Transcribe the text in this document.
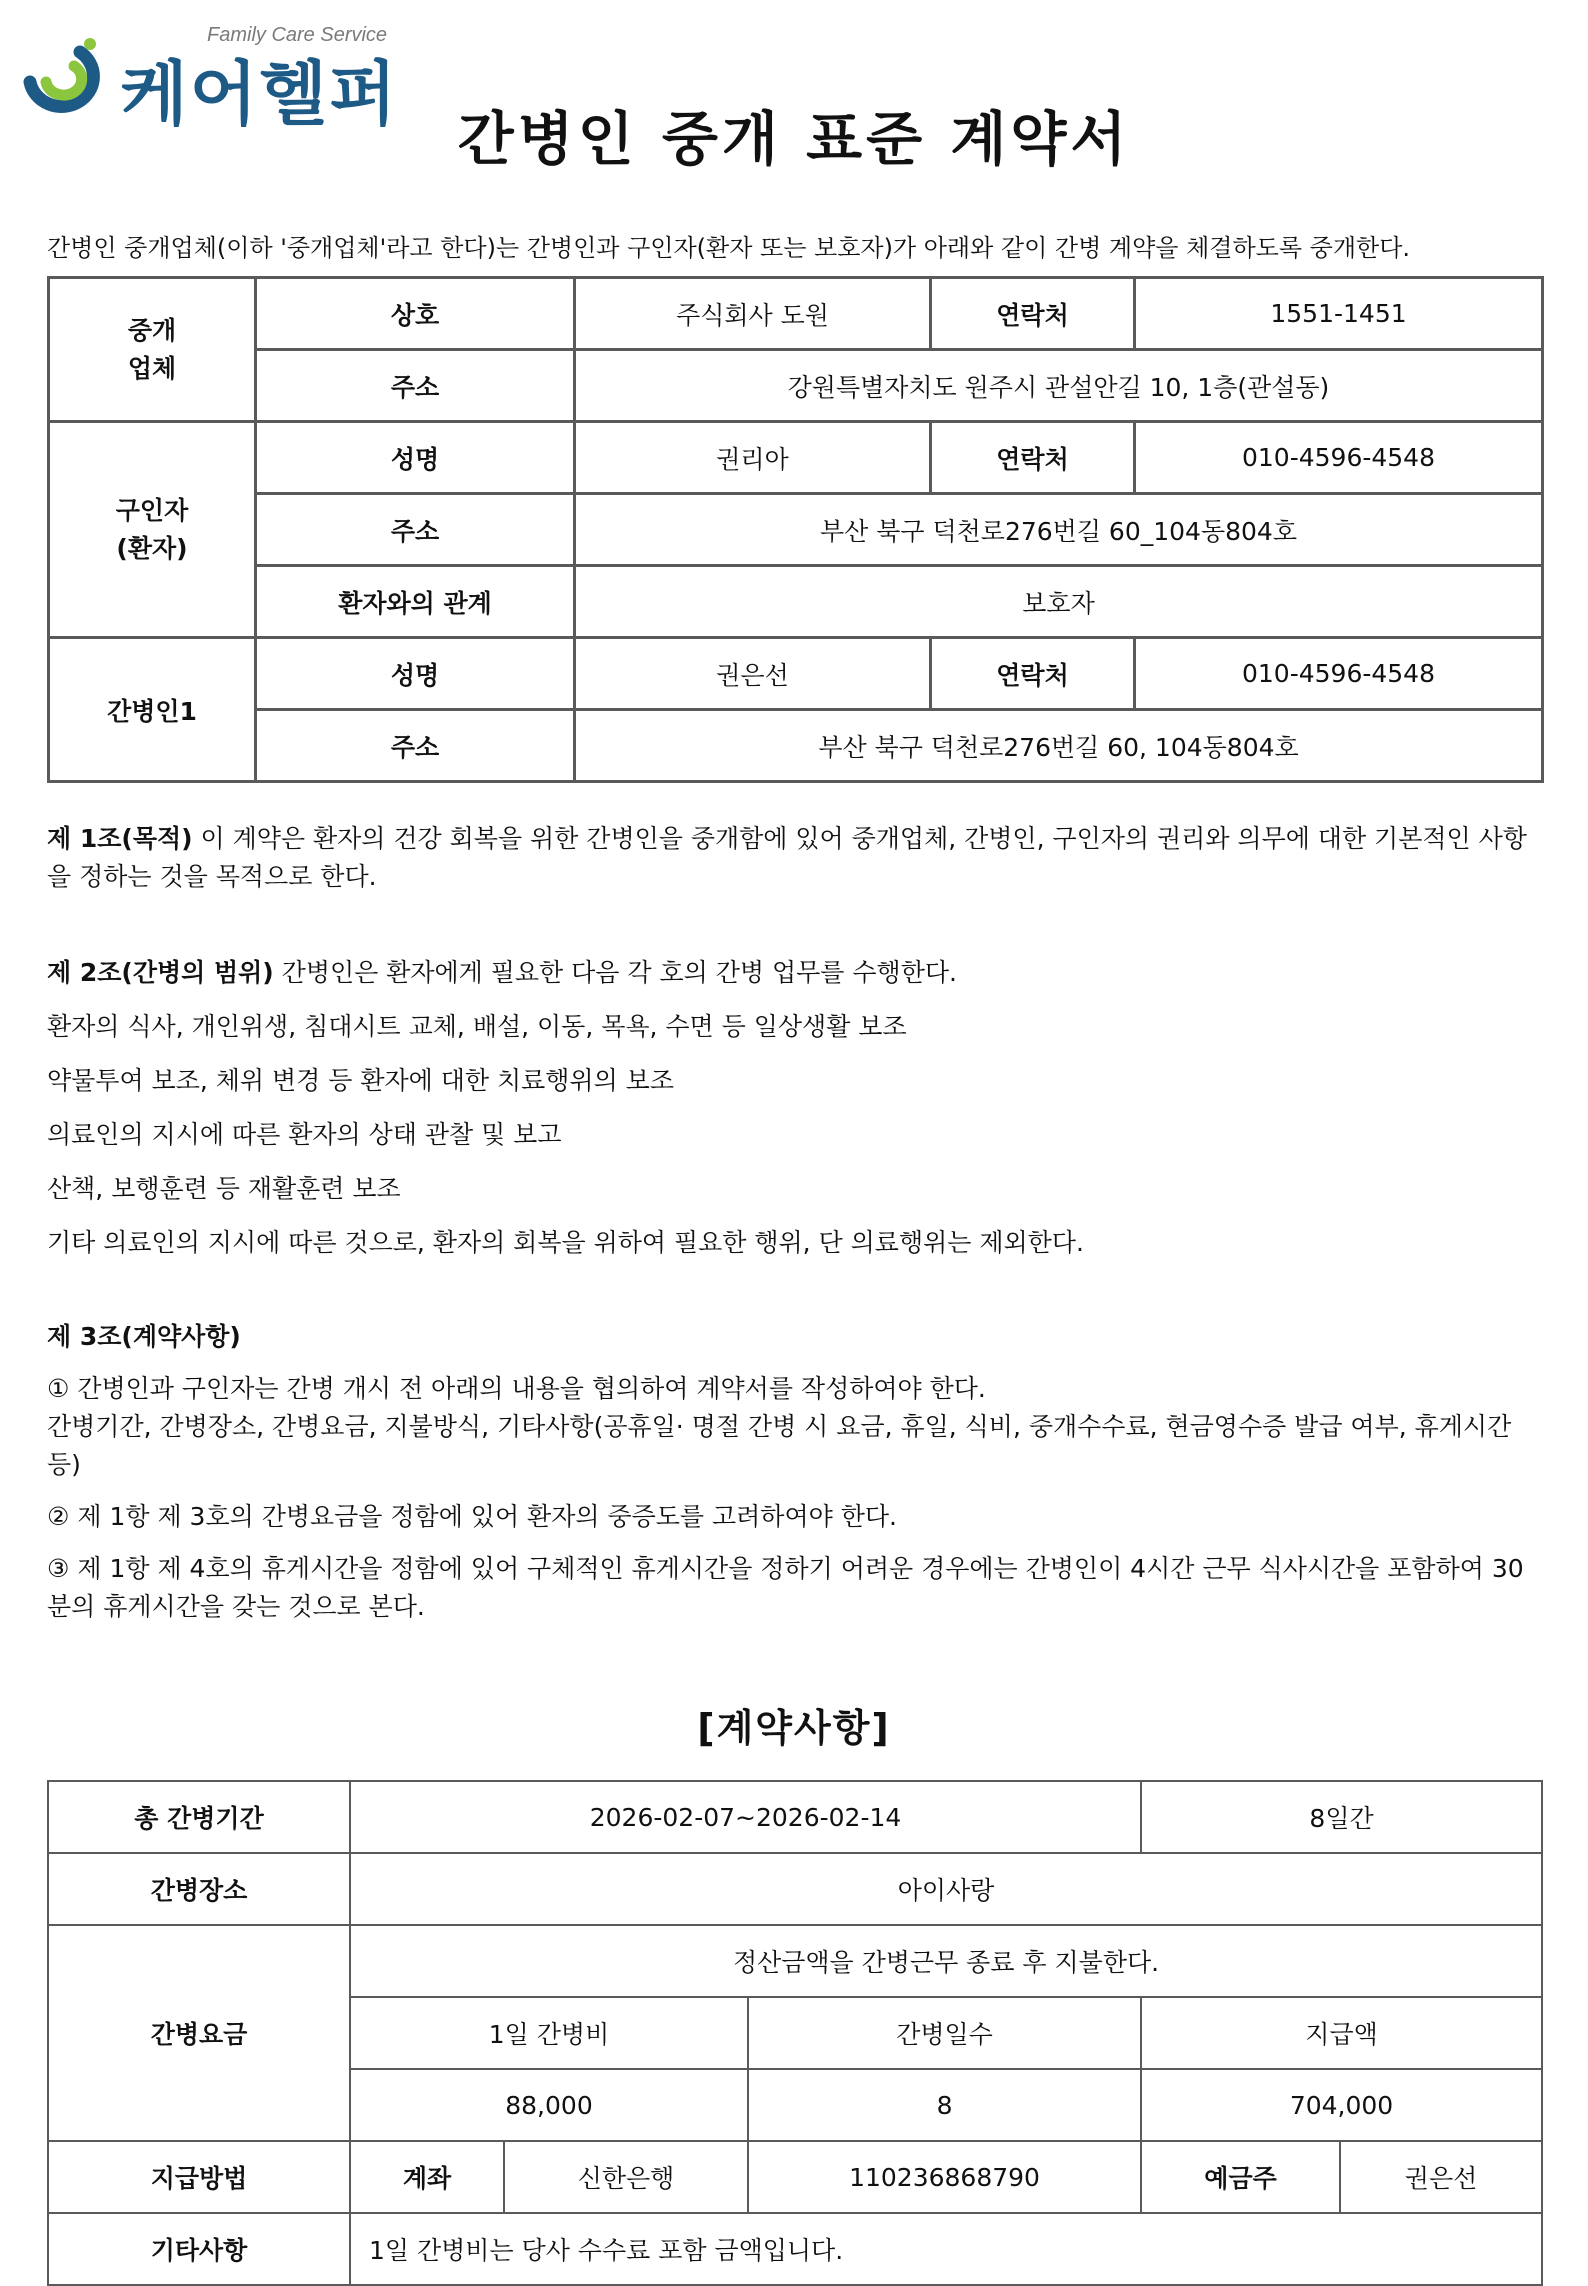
Family Care Service
케어헬퍼
간병인 중개 표준 계약서
간병인 중개업체(이하 '중개업체'라고 한다)는 간병인과 구인자(환자 또는 보호자)가 아래와 같이 간병 계약을 체결하도록 중개한다.
중개 업체	상호	주식회사 도원	연락처	1551-1451
	주소	강원특별자치도 원주시 관설안길 10, 1층(관설동)		
구인자 (환자)	성명	권리아	연락처	010-4596-4548
	주소	부산 북구 덕천로276번길 60_104동804호		
	환자와의 관계	보호자		
간병인1	성명	권은선	연락처	010-4596-4548
	주소	부산 북구 덕천로276번길 60, 104동804호		

제 1조(목적) 이 계약은 환자의 건강 회복을 위한 간병인을 중개함에 있어 중개업체, 간병인, 구인자의 권리와 의무에 대한 기본적인 사항을 정하는 것을 목적으로 한다.

제 2조(간병의 범위) 간병인은 환자에게 필요한 다음 각 호의 간병 업무를 수행한다.

환자의 식사, 개인위생, 침대시트 교체, 배설, 이동, 목욕, 수면 등 일상생활 보조

약물투여 보조, 체위 변경 등 환자에 대한 치료행위의 보조

의료인의 지시에 따른 환자의 상태 관찰 및 보고

산책, 보행훈련 등 재활훈련 보조

기타 의료인의 지시에 따른 것으로, 환자의 회복을 위하여 필요한 행위, 단 의료행위는 제외한다.

제 3조(계약사항)

① 간병인과 구인자는 간병 개시 전 아래의 내용을 협의하여 계약서를 작성하여야 한다.
간병기간, 간병장소, 간병요금, 지불방식, 기타사항(공휴일· 명절 간병 시 요금, 휴일, 식비, 중개수수료, 현금영수증 발급 여부, 휴게시간 등)

② 제 1항 제 3호의 간병요금을 정함에 있어 환자의 중증도를 고려하여야 한다.

③ 제 1항 제 4호의 휴게시간을 정함에 있어 구체적인 휴게시간을 정하기 어려운 경우에는 간병인이 4시간 근무 식사시간을 포함하여 30분의 휴게시간을 갖는 것으로 본다.

[계약사항]
총 간병기간	2026-02-07~2026-02-14			8일간	
간병장소	아이사랑				
간병요금	정산금액을 간병근무 종료 후 지불한다.				
	1일 간병비		간병일수	지급액	
	88,000		8	704,000	
지급방법	계좌	신한은행	110236868790	예금주	권은선
기타사항	1일 간병비는 당사 수수료 포함 금액입니다.				
